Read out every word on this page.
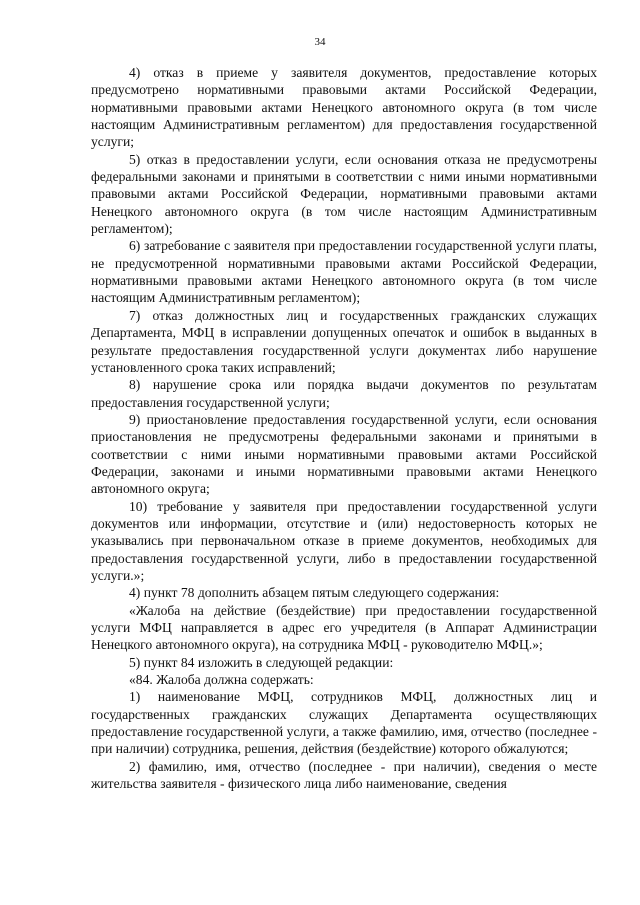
34

4) отказ в приеме у заявителя документов, предоставление которых предусмотрено нормативными правовыми актами Российской Федерации, нормативными правовыми актами Ненецкого автономного округа (в том числе настоящим Административным регламентом) для предоставления государственной услуги;

5) отказ в предоставлении услуги, если основания отказа не предусмотрены федеральными законами и принятыми в соответствии с ними иными нормативными правовыми актами Российской Федерации, нормативными правовыми актами Ненецкого автономного округа (в том числе настоящим Административным регламентом);

6) затребование с заявителя при предоставлении государственной услуги платы, не предусмотренной нормативными правовыми актами Российской Федерации, нормативными правовыми актами Ненецкого автономного округа (в том числе настоящим Административным регламентом);

7) отказ должностных лиц и государственных гражданских служащих Департамента, МФЦ в исправлении допущенных опечаток и ошибок в выданных в результате предоставления государственной услуги документах либо нарушение установленного срока таких исправлений;

8) нарушение срока или порядка выдачи документов по результатам предоставления государственной услуги;

9) приостановление предоставления государственной услуги, если основания приостановления не предусмотрены федеральными законами и принятыми в соответствии с ними иными нормативными правовыми актами Российской Федерации, законами и иными нормативными правовыми актами Ненецкого автономного округа;

10) требование у заявителя при предоставлении государственной услуги документов или информации, отсутствие и (или) недостоверность которых не указывались при первоначальном отказе в приеме документов, необходимых для предоставления государственной услуги, либо в предоставлении государственной услуги.»;

4) пункт 78 дополнить абзацем пятым следующего содержания:

«Жалоба на действие (бездействие) при предоставлении государственной услуги МФЦ направляется в адрес его учредителя (в Аппарат Администрации Ненецкого автономного округа), на сотрудника МФЦ - руководителю МФЦ.»;

5) пункт 84 изложить в следующей редакции:

«84. Жалоба должна содержать:

1) наименование МФЦ, сотрудников МФЦ, должностных лиц и государственных гражданских служащих Департамента осуществляющих предоставление государственной услуги, а также фамилию, имя, отчество (последнее - при наличии) сотрудника, решения, действия (бездействие) которого обжалуются;

2) фамилию, имя, отчество (последнее - при наличии), сведения о месте жительства заявителя - физического лица либо наименование, сведения
